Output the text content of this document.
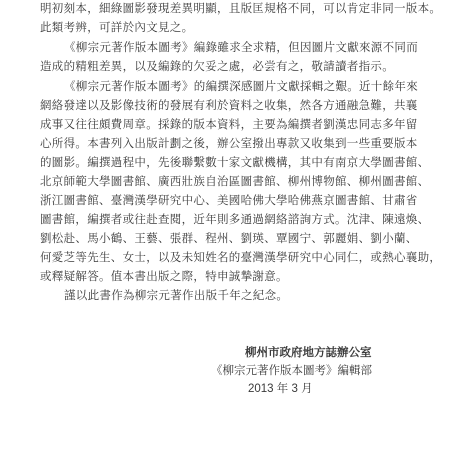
明初刻本，細綠圖影發現差異明顯，且版匡規格不同，可以肯定非同一版本。

此類考辨，可詳於內文見之。

《柳宗元著作版本圖考》編錄雖求全求精，但因圖片文獻來源不同而

造成的精粗差異，以及編錄的欠妥之處，必尝有之，敬請讀者指示。

《柳宗元著作版本圖考》的編撰深感圖片文獻採輯之艱。近十餘年來

網絡發達以及影像技術的發展有利於資料之收集，然各方通融急難，共襄

成事又往往頗費周章。採錄的版本資料，主要為編撰者劉漢忠同志多年留

心所得。本書列入出版計劃之後，辦公室撥出專款又收集到一些重要版本

的圖影。編撰過程中，先後聯繫數十家文獻機構，其中有南京大學圖書館、

北京師範大學圖書館、廣西壯族自治區圖書館、柳州博物館、柳州圖書館、

浙江圖書館、臺灣漢學研究中心、美國哈佛大學哈佛燕京圖書館、甘肅省

圖書館，編撰者或往赴查閱，近年則多通過網絡諮詢方式。沈津、陳遠煥、

劉松赴、馬小鶴、王藝、張群、程州、劉瑛、覃國宁、郭麗娟、劉小蘭、

何愛芝等先生、女士，以及未知姓名的臺灣漢學研究中心同仁，或熱心襄助，

或釋疑解答。值本書出版之際，特申誠摯謝意。

謹以此書作為柳宗元著作出版千年之紀念。

柳州市政府地方誌辦公室
《柳宗元著作版本圖考》編輯部
2013 年 3 月
